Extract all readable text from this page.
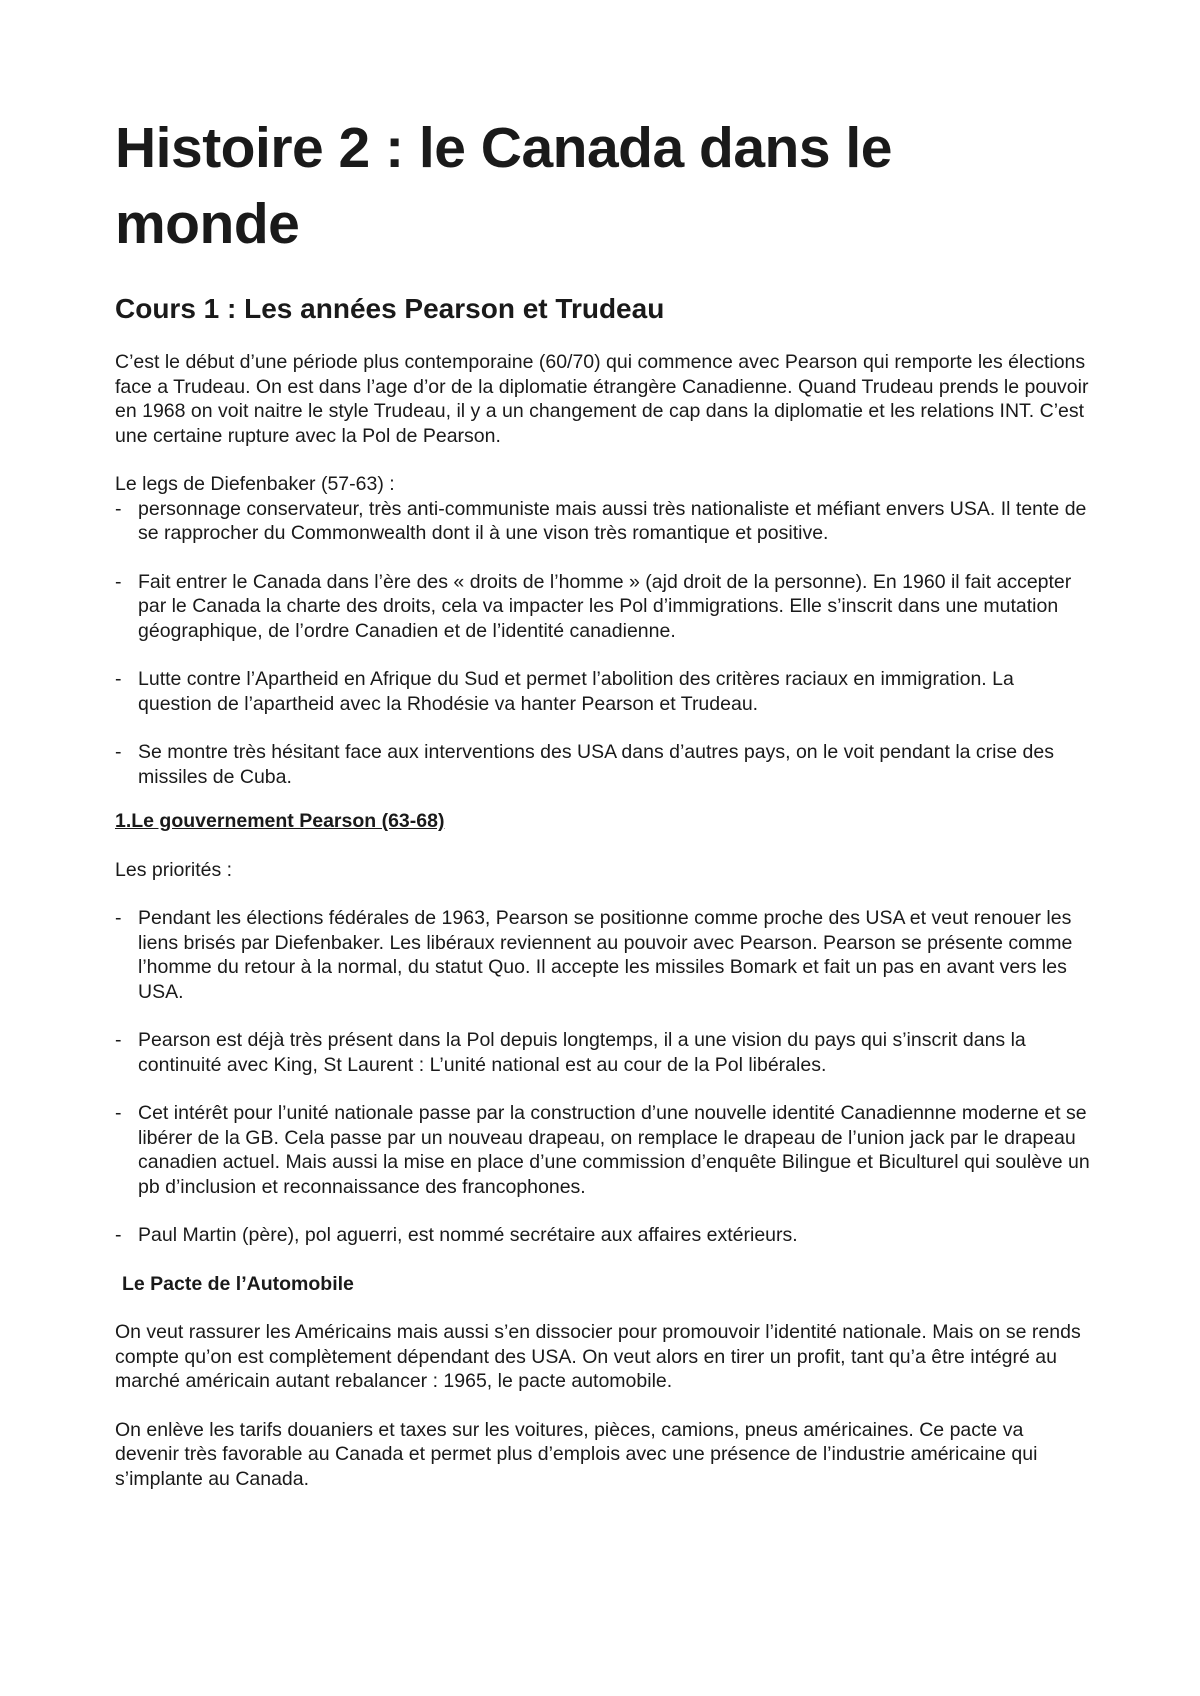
Histoire 2 : le Canada dans le monde
Cours 1 : Les années Pearson et Trudeau

C’est le début d’une période plus contemporaine (60/70) qui commence avec Pearson qui remporte les élections face a Trudeau. On est dans l’age d’or de la diplomatie étrangère Canadienne. Quand Trudeau prends le pouvoir en 1968 on voit naitre le style Trudeau, il y a un changement de cap dans la diplomatie et les relations INT. C’est une certaine rupture avec la Pol de Pearson.

Le legs de Diefenbaker (57-63) :

- personnage conservateur, très anti-communiste mais aussi très nationaliste et méfiant envers USA. Il tente de se rapprocher du Commonwealth dont il à une vison très romantique et positive.
- Fait entrer le Canada dans l’ère des « droits de l’homme » (ajd droit de la personne). En 1960 il fait accepter par le Canada la charte des droits, cela va impacter les Pol d’immigrations. Elle s’inscrit dans une mutation géographique, de l’ordre Canadien et de l’identité canadienne.
- Lutte contre l’Apartheid en Afrique du Sud et permet l’abolition des critères raciaux en immigration. La question de l’apartheid avec la Rhodésie va hanter Pearson et Trudeau.
- Se montre très hésitant face aux interventions des USA dans d’autres pays, on le voit pendant la crise des missiles de Cuba.
1.Le gouvernement Pearson (63-68)

Les priorités :

- Pendant les élections fédérales de 1963, Pearson se positionne comme proche des USA et veut renouer les liens brisés par Diefenbaker. Les libéraux reviennent au pouvoir avec Pearson. Pearson se présente comme l’homme du retour à la normal, du statut Quo. Il accepte les missiles Bomark et fait un pas en avant vers les USA.
- Pearson est déjà très présent dans la Pol depuis longtemps, il a une vision du pays qui s’inscrit dans la continuité avec King, St Laurent : L’unité national est au cour de la Pol libérales.
- Cet intérêt pour l’unité nationale passe par la construction d’une nouvelle identité Canadiennne moderne et se libérer de la GB. Cela passe par un nouveau drapeau, on remplace le drapeau de l’union jack par le drapeau canadien actuel. Mais aussi la mise en place d’une commission d’enquête Bilingue et Biculturel qui soulève un pb d’inclusion et reconnaissance des francophones.
- Paul Martin (père), pol aguerri, est nommé secrétaire aux affaires extérieurs.
Le Pacte de l’Automobile

On veut rassurer les Américains mais aussi s’en dissocier pour promouvoir l’identité nationale. Mais on se rends compte qu’on est complètement dépendant des USA. On veut alors en tirer un profit, tant qu’a être intégré au marché américain autant rebalancer : 1965, le pacte automobile.

On enlève les tarifs douaniers et taxes sur les voitures, pièces, camions, pneus américaines. Ce pacte va devenir très favorable au Canada et permet plus d’emplois avec une présence de l’industrie américaine qui s’implante au Canada.
